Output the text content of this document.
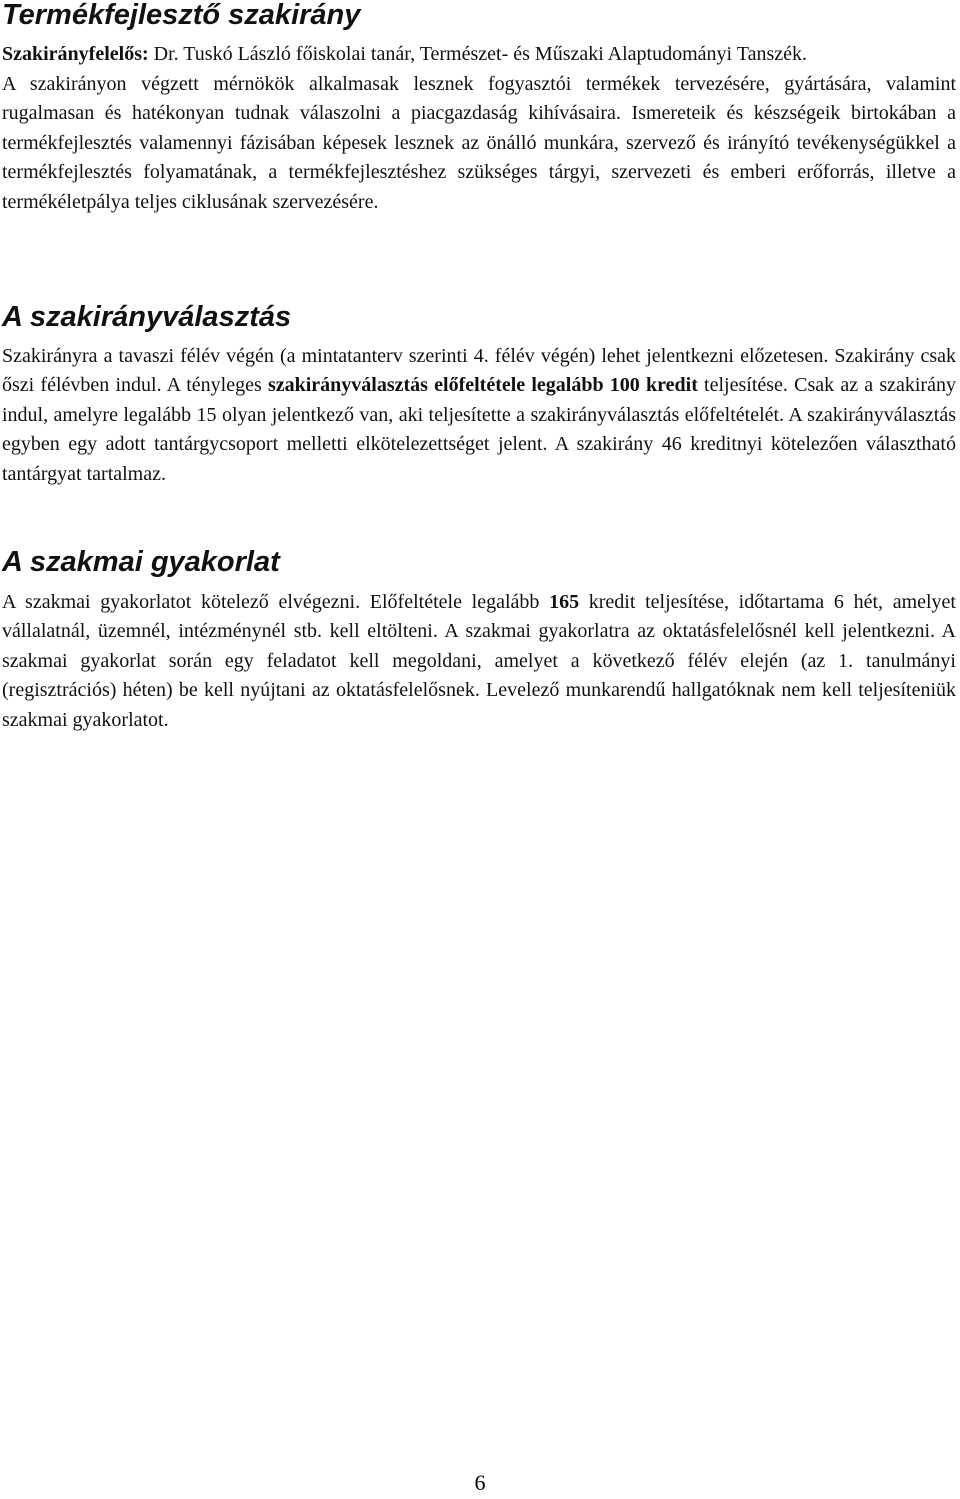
Termékfejlesztő szakirány

Szakirányfelelős: Dr. Tuskó László főiskolai tanár, Természet- és Műszaki Alaptudományi Tanszék.

A szakirányon végzett mérnökök alkalmasak lesznek fogyasztói termékek tervezésére, gyártására, valamint rugalmasan és hatékonyan tudnak válaszolni a piacgazdaság kihívásaira. Ismereteik és készségeik birtokában a termékfejlesztés valamennyi fázisában képesek lesznek az önálló munkára, szervező és irányító tevékenységükkel a termékfejlesztés folyamatának, a termékfejlesztéshez szükséges tárgyi, szervezeti és emberi erőforrás, illetve a termékéletpálya teljes ciklusának szervezésére.

A szakirányválasztás

Szakirányra a tavaszi félév végén (a mintatanterv szerinti 4. félév végén) lehet jelentkezni előzetesen. Szakirány csak őszi félévben indul. A tényleges szakirányválasztás előfeltétele legalább 100 kredit teljesítése. Csak az a szakirány indul, amelyre legalább 15 olyan jelentkező van, aki teljesítette a szakirányválasztás előfeltételét. A szakirányválasztás egyben egy adott tantárgycsoport melletti elkötelezettséget jelent. A szakirány 46 kreditnyi kötelezően választható tantárgyat tartalmaz.

A szakmai gyakorlat

A szakmai gyakorlatot kötelező elvégezni. Előfeltétele legalább 165 kredit teljesítése, időtartama 6 hét, amelyet vállalatnál, üzemnél, intézménynél stb. kell eltölteni. A szakmai gyakorlatra az oktatásfelelősnél kell jelentkezni. A szakmai gyakorlat során egy feladatot kell megoldani, amelyet a következő félév elején (az 1. tanulmányi (regisztrációs) héten) be kell nyújtani az oktatásfelelősnek. Levelező munkarendű hallgatóknak nem kell teljesíteniük szakmai gyakorlatot.

6
